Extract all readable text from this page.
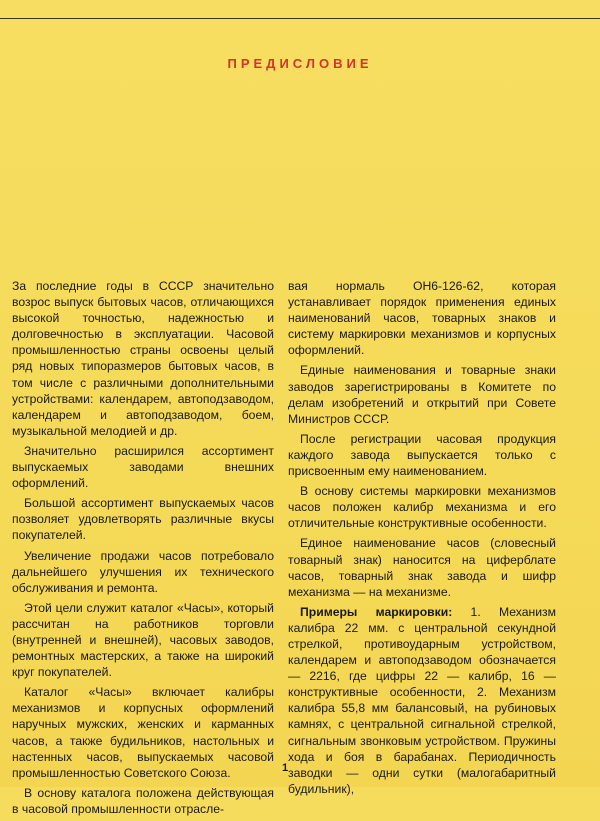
ПРЕДИСЛОВИЕ

За последние годы в СССР значительно возрос выпуск бытовых часов, отличающихся высокой точностью, надежностью и долговечностью в эксплуатации. Часовой промышленностью страны освоены целый ряд новых типоразмеров бытовых часов, в том числе с различными дополнительными устройствами: календарем, автоподзаводом, календарем и автоподзаводом, боем, музыкальной мелодией и др.

Значительно расширился ассортимент выпускаемых заводами внешних оформлений.

Большой ассортимент выпускаемых часов позволяет удовлетворять различные вкусы покупателей.

Увеличение продажи часов потребовало дальнейшего улучшения их технического обслуживания и ремонта.

Этой цели служит каталог «Часы», который рассчитан на работников торговли (внутренней и внешней), часовых заводов, ремонтных мастерских, а также на широкий круг покупателей.

Каталог «Часы» включает калибры механизмов и корпусных оформлений наручных мужских, женских и карманных часов, а также будильников, настольных и настенных часов, выпускаемых часовой промышленностью Советского Союза.

В основу каталога положена действующая в часовой промышленности отрасле-

вая нормаль ОН6-126-62, которая устанавливает порядок применения единых наименований часов, товарных знаков и систему маркировки механизмов и корпусных оформлений.

Единые наименования и товарные знаки заводов зарегистрированы в Комитете по делам изобретений и открытий при Совете Министров СССР.

После регистрации часовая продукция каждого завода выпускается только с присвоенным ему наименованием.

В основу системы маркировки механизмов часов положен калибр механизма и его отличительные конструктивные особенности.

Единое наименование часов (словесный товарный знак) наносится на циферблате часов, товарный знак завода и шифр механизма — на механизме.

Примеры маркировки: 1. Механизм калибра 22 мм. с центральной секундной стрелкой, противоударным устройством, календарем и автоподзаводом обозначается — 2216, где цифры 22 — калибр, 16 — конструктивные особенности, 2. Механизм калибра 55,8 мм балансовый, на рубиновых камнях, с центральной сигнальной стрелкой, сигнальным звонковым устройством. Пружины хода и боя в барабанах. Периодичность заводки — одни сутки (малогабаритный будильник),

1
